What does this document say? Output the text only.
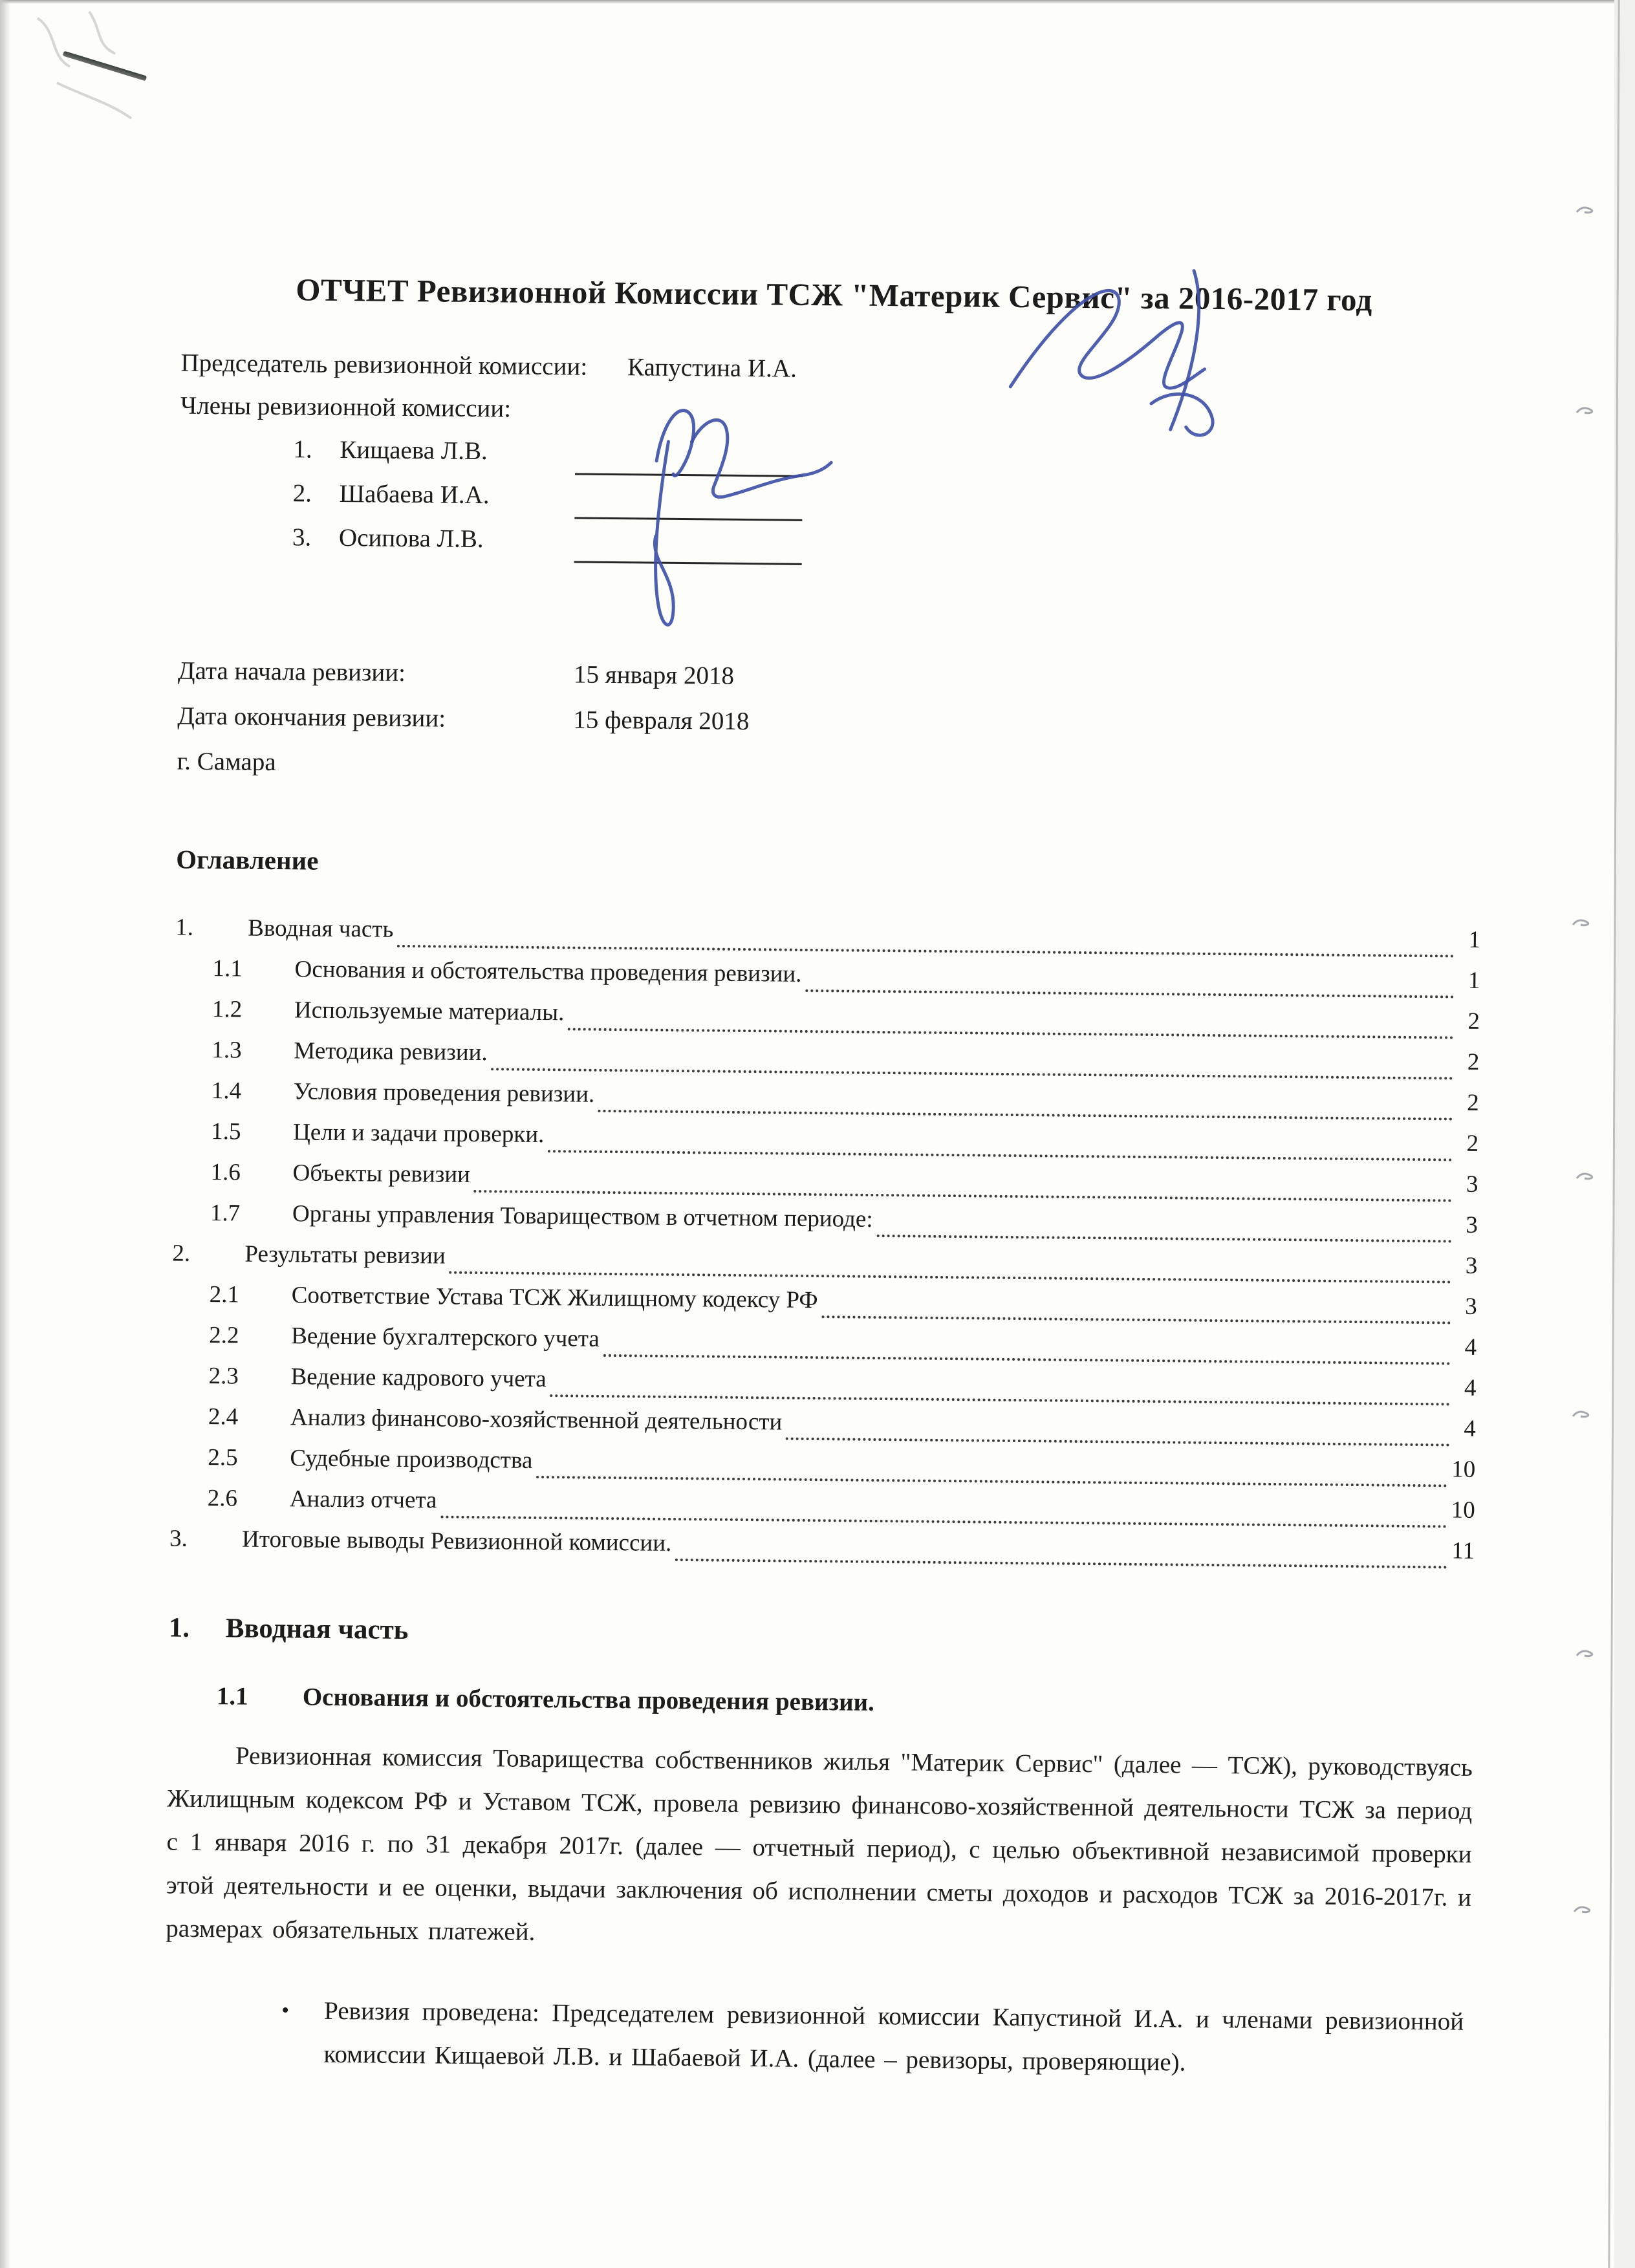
ОТЧЕТ Ревизионной Комиссии ТСЖ "Материк Сервис" за 2016-2017 год
Председатель ревизионной комиссии: Капустина И.А.
Члены ревизионной комиссии:
1.	Кищаева Л.В.
2.	Шабаева И.А.
3.	Осипова Л.В.
Дата начала ревизии:	15 января 2018
Дата окончания ревизии:	15 февраля 2018
г. Самара
Оглавление
1.	Вводная часть	1
1.1	Основания и обстоятельства проведения ревизии.	1
1.2	Используемые материалы.	2
1.3	Методика ревизии.	2
1.4	Условия проведения ревизии.	2
1.5	Цели и задачи проверки.	2
1.6	Объекты ревизии	3
1.7	Органы управления Товариществом в отчетном периоде:	3
2.	Результаты ревизии	3
2.1	Соответствие Устава ТСЖ Жилищному кодексу РФ	3
2.2	Ведение бухгалтерского учета	4
2.3	Ведение кадрового учета	4
2.4	Анализ финансово-хозяйственной деятельности	4
2.5	Судебные производства	10
2.6	Анализ отчета	10
3.	Итоговые выводы Ревизионной комиссии.	11
1.	Вводная часть
1.1	Основания и обстоятельства проведения ревизии.
Ревизионная комиссия Товарищества собственников жилья "Материк Сервис" (далее — ТСЖ), руководствуясь Жилищным кодексом РФ и Уставом ТСЖ, провела ревизию финансово-хозяйственной деятельности ТСЖ за период с 1 января 2016 г. по 31 декабря 2017г. (далее — отчетный период), с целью объективной независимой проверки этой деятельности и ее оценки, выдачи заключения об исполнении сметы доходов и расходов ТСЖ за 2016-2017г. и размерах обязательных платежей.
•	Ревизия проведена: Председателем ревизионной комиссии Капустиной И.А. и членами ревизионной комиссии Кищаевой Л.В. и Шабаевой И.А. (далее – ревизоры, проверяющие).
